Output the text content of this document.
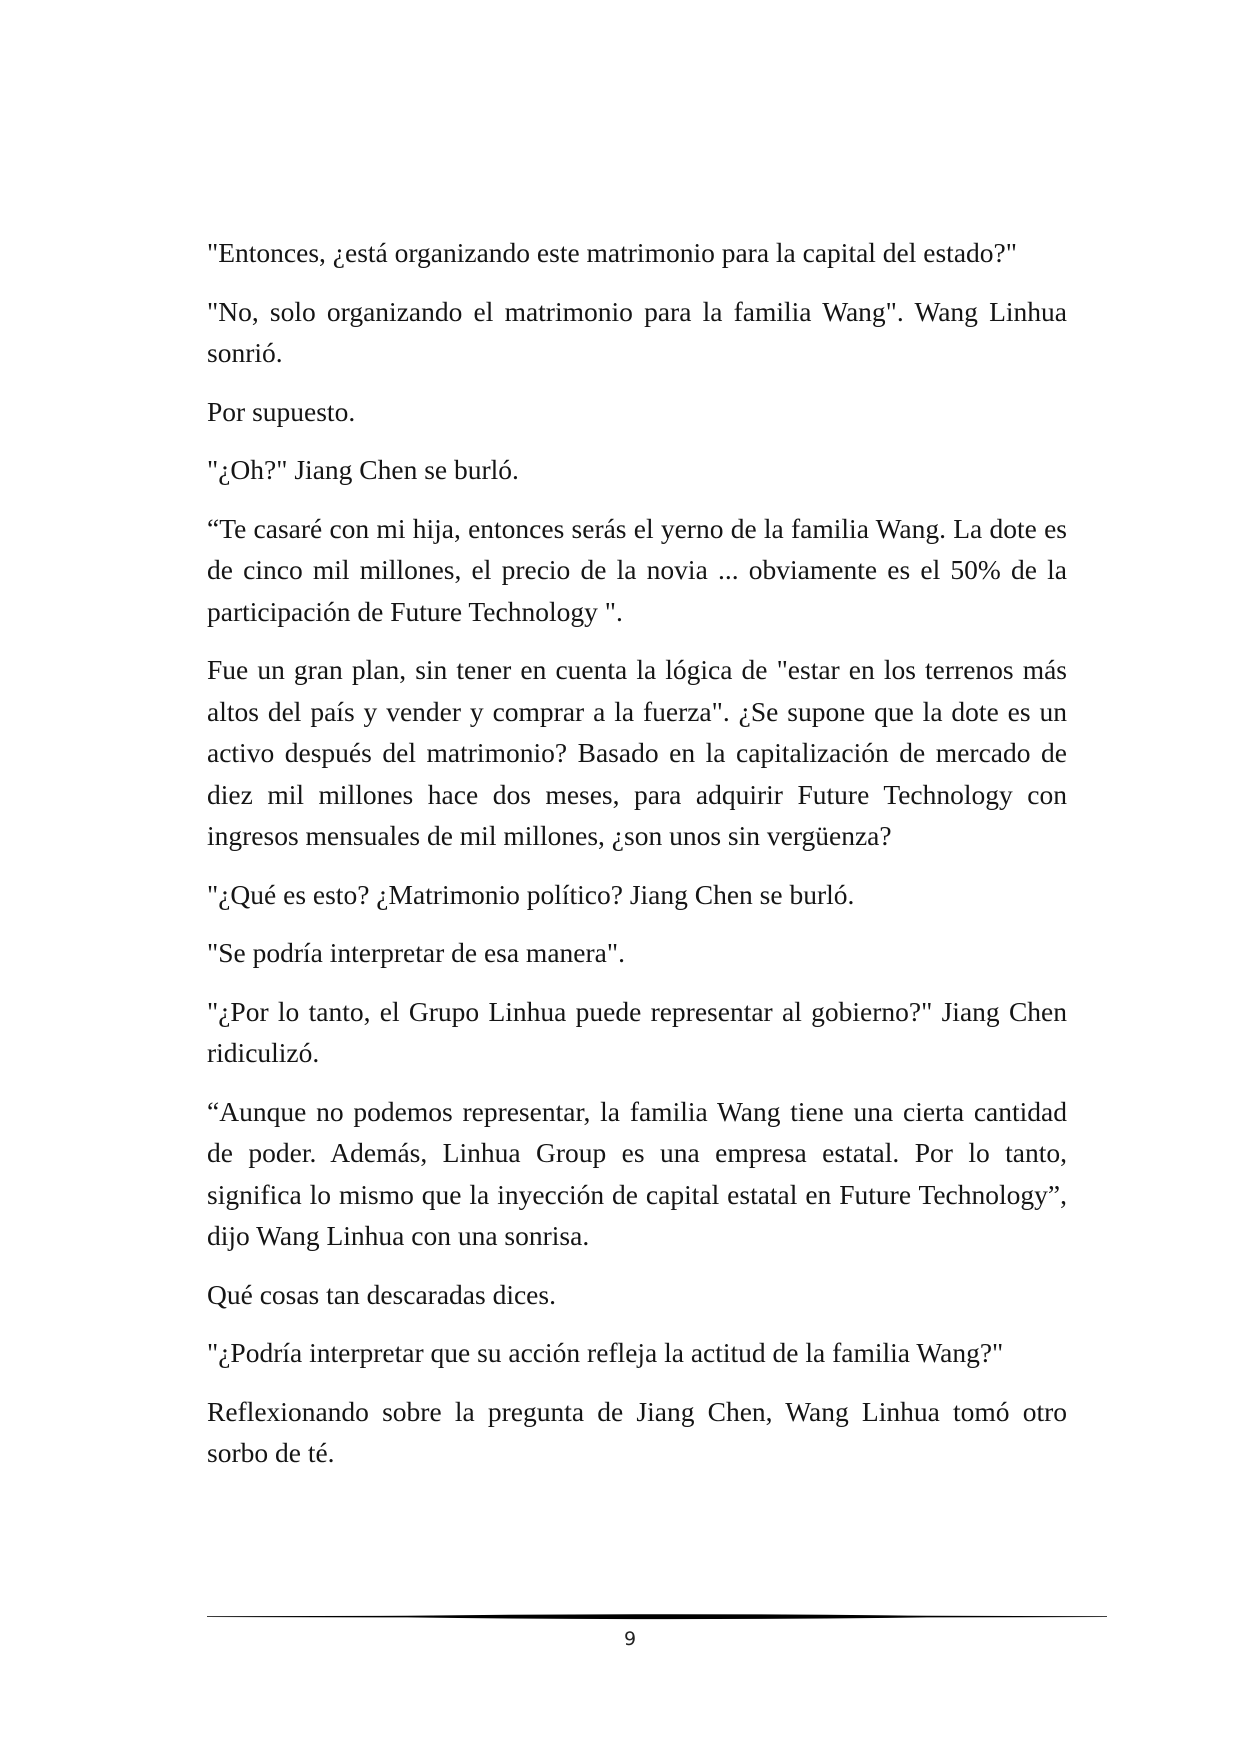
"Entonces, ¿está organizando este matrimonio para la capital del estado?"

"No, solo organizando el matrimonio para la familia Wang". Wang Linhua sonrió.

Por supuesto.

"¿Oh?" Jiang Chen se burló.

“Te casaré con mi hija, entonces serás el yerno de la familia Wang. La dote es de cinco mil millones, el precio de la novia ... obviamente es el 50% de la participación de Future Technology ".

Fue un gran plan, sin tener en cuenta la lógica de "estar en los terrenos más altos del país y vender y comprar a la fuerza". ¿Se supone que la dote es un activo después del matrimonio? Basado en la capitalización de mercado de diez mil millones hace dos meses, para adquirir Future Technology con ingresos mensuales de mil millones, ¿son unos sin vergüenza?

"¿Qué es esto? ¿Matrimonio político? Jiang Chen se burló.

"Se podría interpretar de esa manera".

"¿Por lo tanto, el Grupo Linhua puede representar al gobierno?" Jiang Chen ridiculizó.

“Aunque no podemos representar, la familia Wang tiene una cierta cantidad de poder. Además, Linhua Group es una empresa estatal. Por lo tanto, significa lo mismo que la inyección de capital estatal en Future Technology”, dijo Wang Linhua con una sonrisa.

Qué cosas tan descaradas dices.

"¿Podría interpretar que su acción refleja la actitud de la familia Wang?"

Reflexionando sobre la pregunta de Jiang Chen, Wang Linhua tomó otro sorbo de té.

9
